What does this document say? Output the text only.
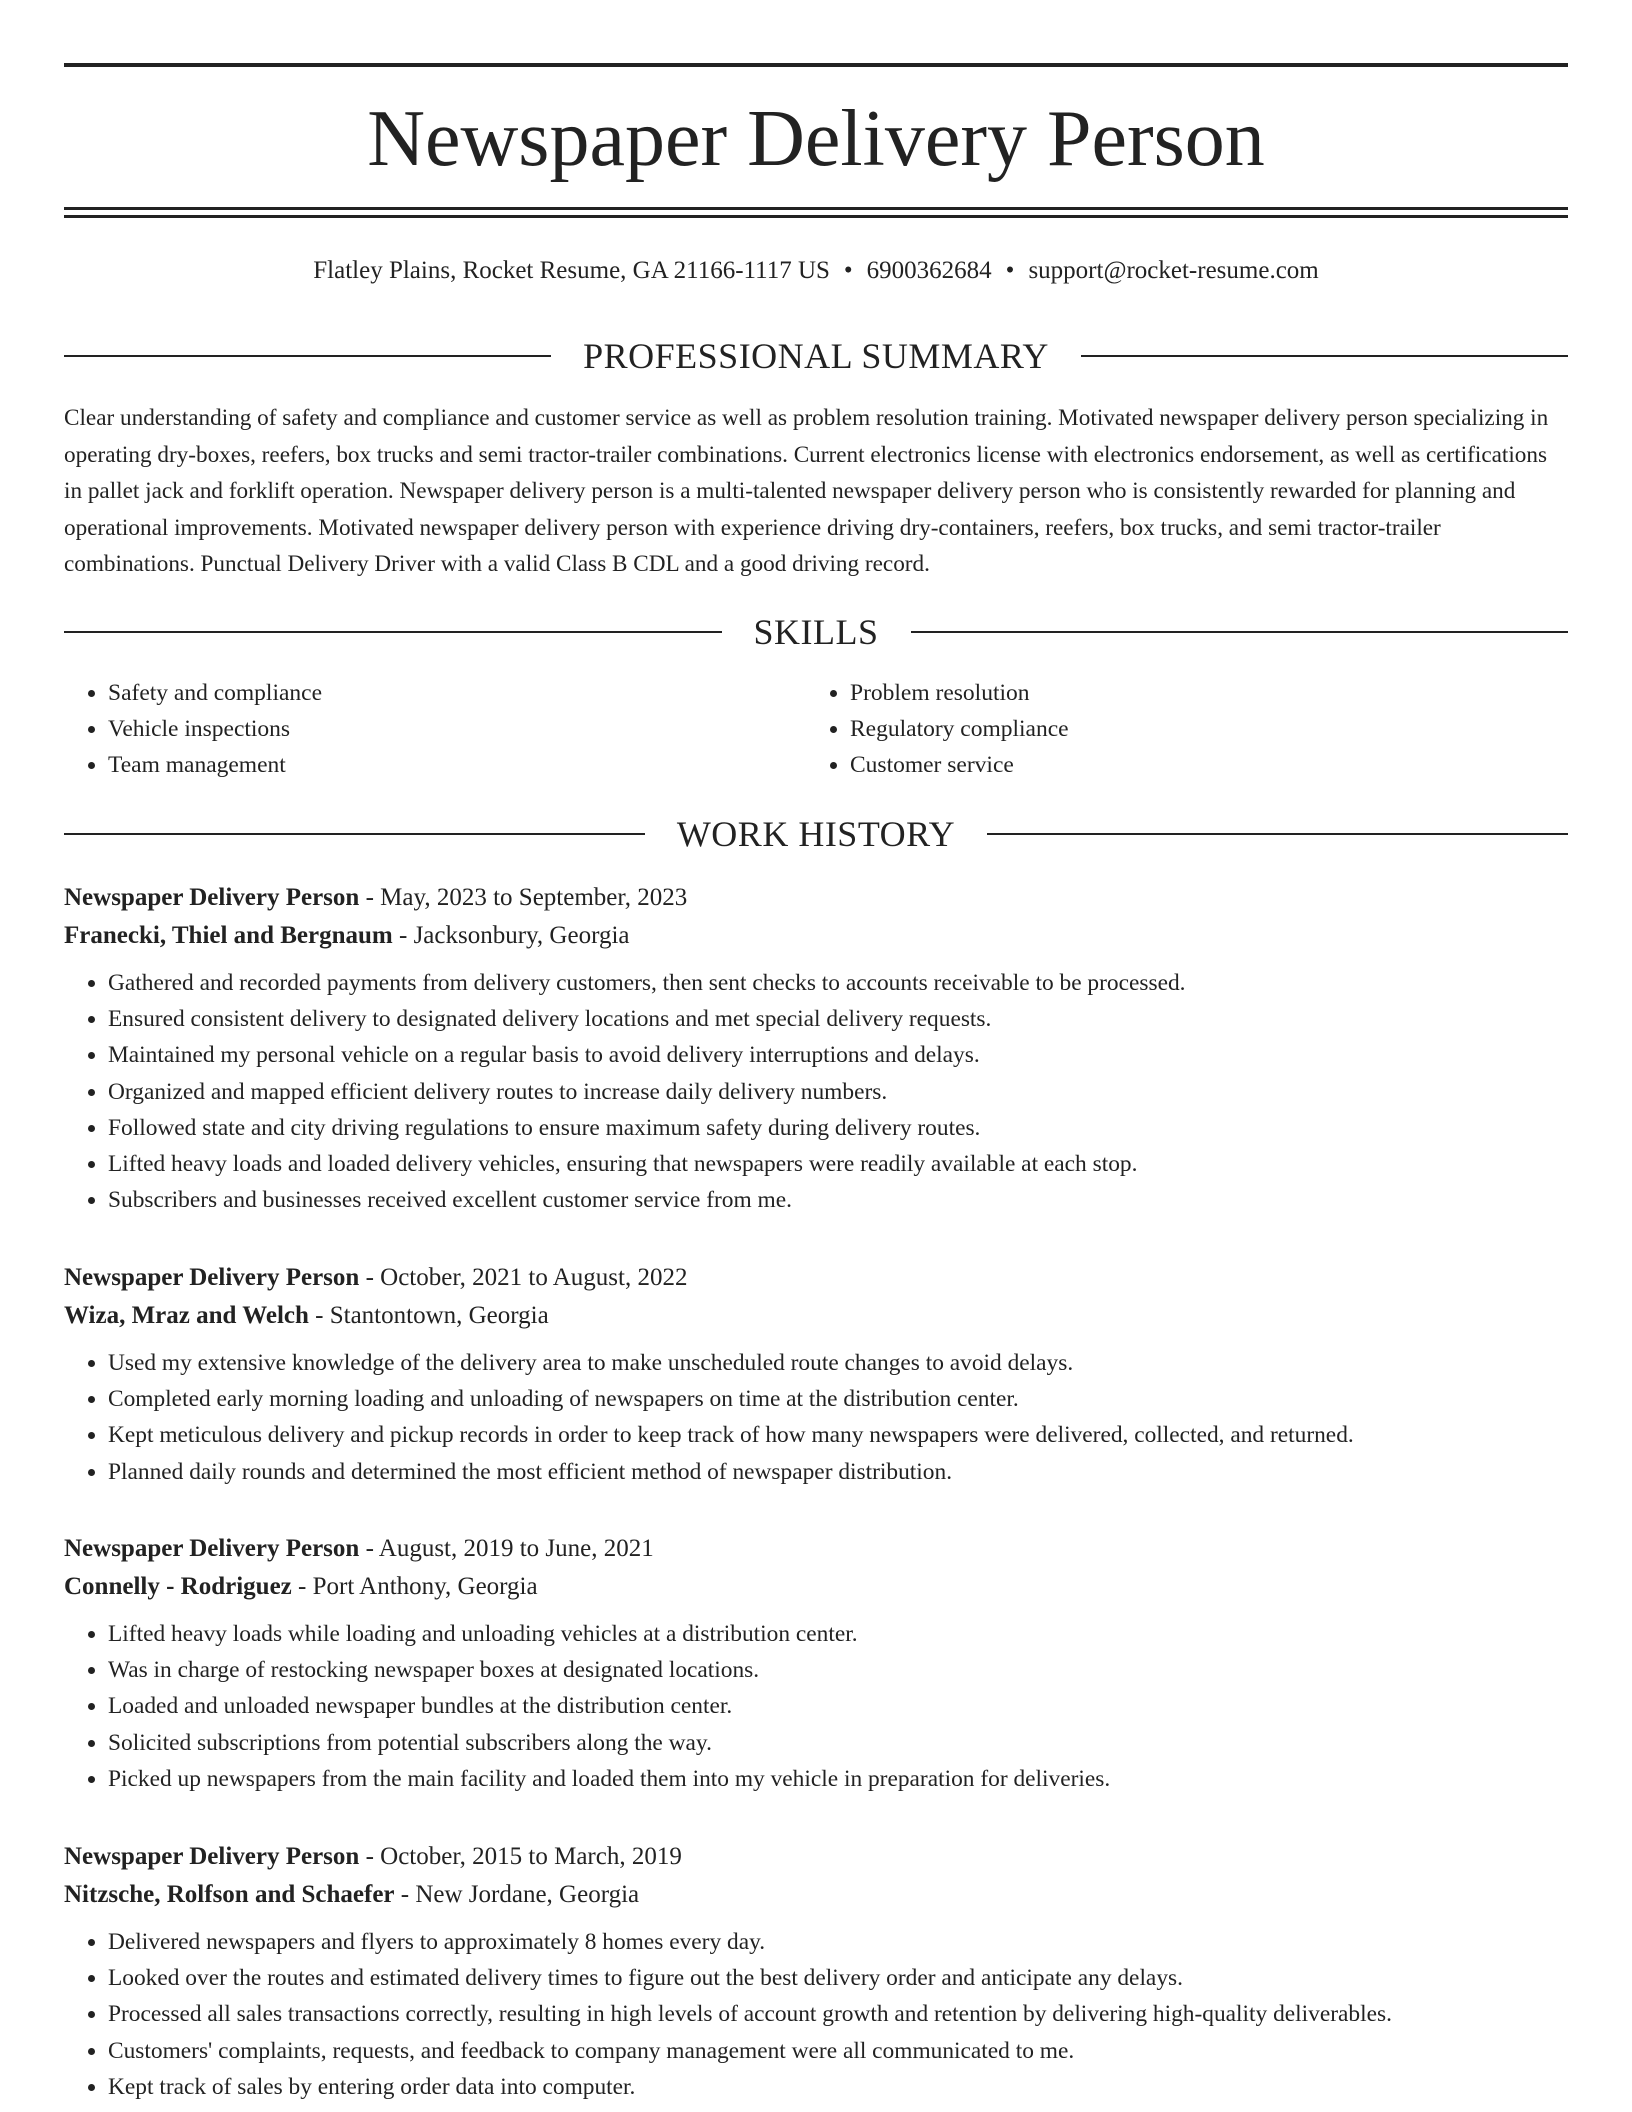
Newspaper Delivery Person
Flatley Plains, Rocket Resume, GA 21166-1117 US • 6900362684 • support@rocket-resume.com
PROFESSIONAL SUMMARY

Clear understanding of safety and compliance and customer service as well as problem resolution training. Motivated newspaper delivery person specializing in operating dry-boxes, reefers, box trucks and semi tractor-trailer combinations. Current electronics license with electronics endorsement, as well as certifications in pallet jack and forklift operation. Newspaper delivery person is a multi-talented newspaper delivery person who is consistently rewarded for planning and operational improvements. Motivated newspaper delivery person with experience driving dry-containers, reefers, box trucks, and semi tractor-trailer combinations. Punctual Delivery Driver with a valid Class B CDL and a good driving record.

SKILLS
• Safety and compliance
• Vehicle inspections
• Team management
• Problem resolution
• Regulatory compliance
• Customer service
WORK HISTORY
Newspaper Delivery Person - May, 2023 to September, 2023
Franecki, Thiel and Bergnaum - Jacksonbury, Georgia
• Gathered and recorded payments from delivery customers, then sent checks to accounts receivable to be processed.
• Ensured consistent delivery to designated delivery locations and met special delivery requests.
• Maintained my personal vehicle on a regular basis to avoid delivery interruptions and delays.
• Organized and mapped efficient delivery routes to increase daily delivery numbers.
• Followed state and city driving regulations to ensure maximum safety during delivery routes.
• Lifted heavy loads and loaded delivery vehicles, ensuring that newspapers were readily available at each stop.
• Subscribers and businesses received excellent customer service from me.
Newspaper Delivery Person - October, 2021 to August, 2022
Wiza, Mraz and Welch - Stantontown, Georgia
• Used my extensive knowledge of the delivery area to make unscheduled route changes to avoid delays.
• Completed early morning loading and unloading of newspapers on time at the distribution center.
• Kept meticulous delivery and pickup records in order to keep track of how many newspapers were delivered, collected, and returned.
• Planned daily rounds and determined the most efficient method of newspaper distribution.
Newspaper Delivery Person - August, 2019 to June, 2021
Connelly - Rodriguez - Port Anthony, Georgia
• Lifted heavy loads while loading and unloading vehicles at a distribution center.
• Was in charge of restocking newspaper boxes at designated locations.
• Loaded and unloaded newspaper bundles at the distribution center.
• Solicited subscriptions from potential subscribers along the way.
• Picked up newspapers from the main facility and loaded them into my vehicle in preparation for deliveries.
Newspaper Delivery Person - October, 2015 to March, 2019
Nitzsche, Rolfson and Schaefer - New Jordane, Georgia
• Delivered newspapers and flyers to approximately 8 homes every day.
• Looked over the routes and estimated delivery times to figure out the best delivery order and anticipate any delays.
• Processed all sales transactions correctly, resulting in high levels of account growth and retention by delivering high-quality deliverables.
• Customers' complaints, requests, and feedback to company management were all communicated to me.
• Kept track of sales by entering order data into computer.
